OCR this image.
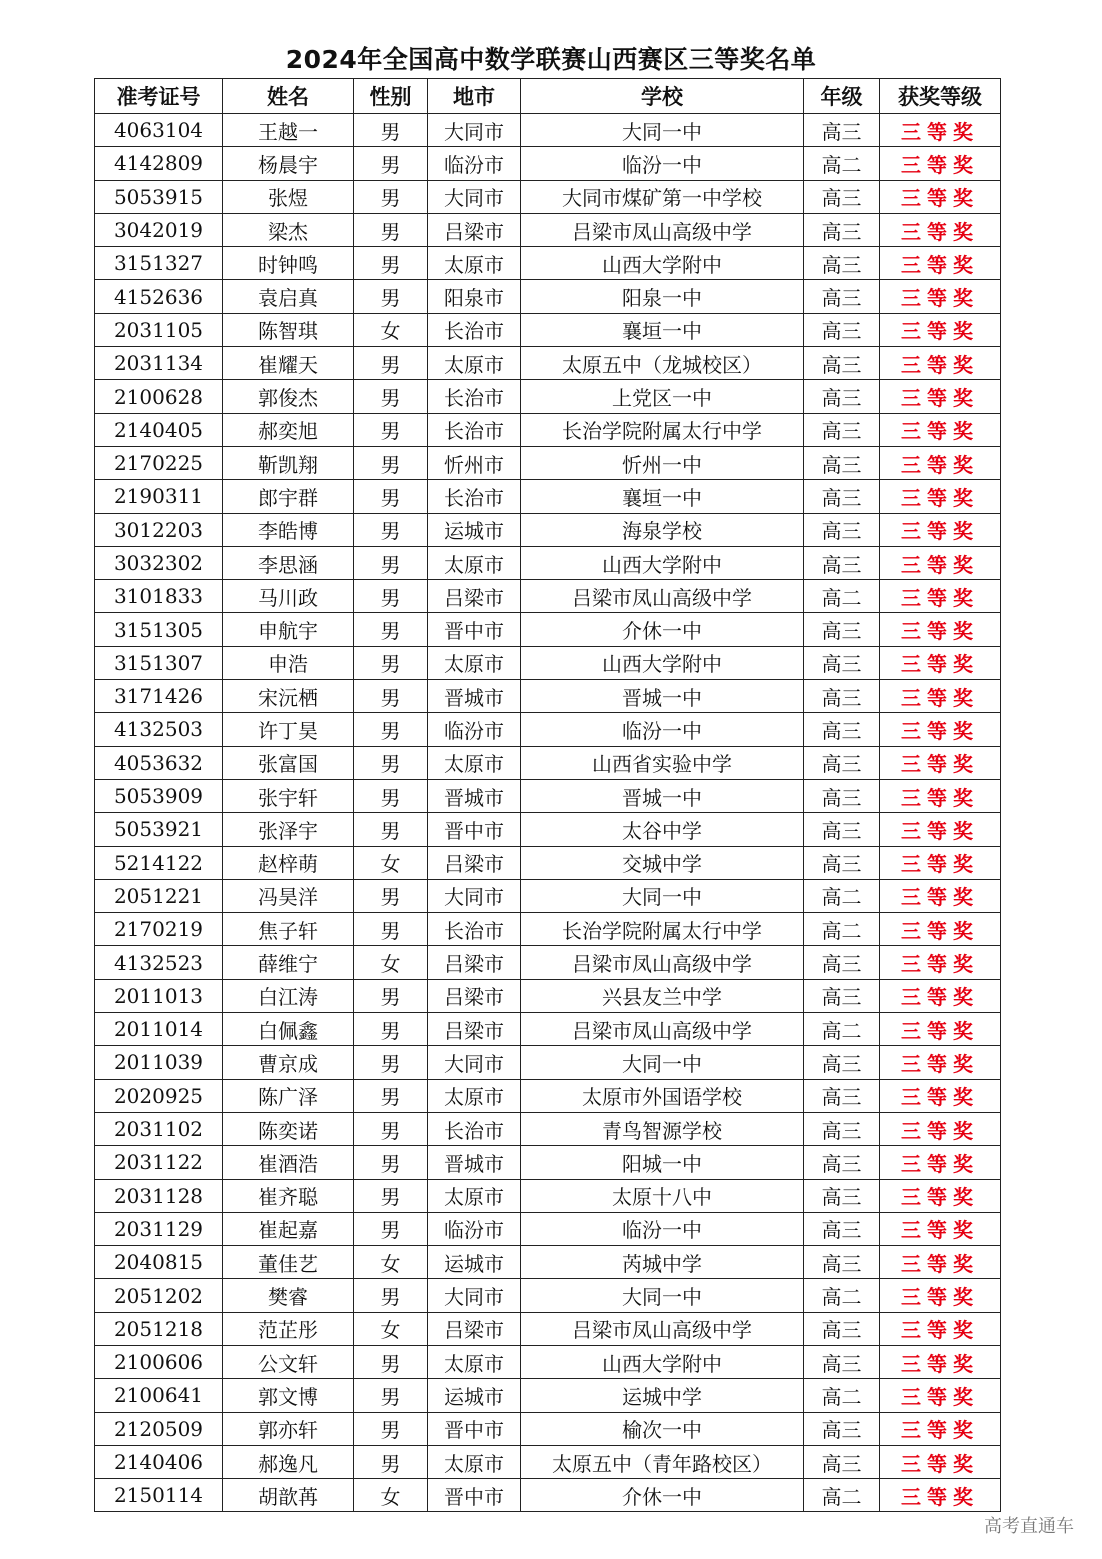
2024年全国高中数学联赛山西赛区三等奖名单
准考证号	姓名	性别	地市	学校	年级	获奖等级
4063104	王越一	男	大同市	大同一中	高三	三等奖
4142809	杨晨宇	男	临汾市	临汾一中	高二	三等奖
5053915	张煜	男	大同市	大同市煤矿第一中学校	高三	三等奖
3042019	梁杰	男	吕梁市	吕梁市凤山高级中学	高三	三等奖
3151327	时钟鸣	男	太原市	山西大学附中	高三	三等奖
4152636	袁启真	男	阳泉市	阳泉一中	高三	三等奖
2031105	陈智琪	女	长治市	襄垣一中	高三	三等奖
2031134	崔耀天	男	太原市	太原五中（龙城校区）	高三	三等奖
2100628	郭俊杰	男	长治市	上党区一中	高三	三等奖
2140405	郝奕旭	男	长治市	长治学院附属太行中学	高三	三等奖
2170225	靳凯翔	男	忻州市	忻州一中	高三	三等奖
2190311	郎宇群	男	长治市	襄垣一中	高三	三等奖
3012203	李皓博	男	运城市	海泉学校	高三	三等奖
3032302	李思涵	男	太原市	山西大学附中	高三	三等奖
3101833	马川政	男	吕梁市	吕梁市凤山高级中学	高二	三等奖
3151305	申航宇	男	晋中市	介休一中	高三	三等奖
3151307	申浩	男	太原市	山西大学附中	高三	三等奖
3171426	宋沅栖	男	晋城市	晋城一中	高三	三等奖
4132503	许丁昊	男	临汾市	临汾一中	高三	三等奖
4053632	张富国	男	太原市	山西省实验中学	高三	三等奖
5053909	张宇轩	男	晋城市	晋城一中	高三	三等奖
5053921	张泽宇	男	晋中市	太谷中学	高三	三等奖
5214122	赵梓萌	女	吕梁市	交城中学	高三	三等奖
2051221	冯昊洋	男	大同市	大同一中	高二	三等奖
2170219	焦子轩	男	长治市	长治学院附属太行中学	高二	三等奖
4132523	薛维宁	女	吕梁市	吕梁市凤山高级中学	高三	三等奖
2011013	白江涛	男	吕梁市	兴县友兰中学	高三	三等奖
2011014	白佩鑫	男	吕梁市	吕梁市凤山高级中学	高二	三等奖
2011039	曹京成	男	大同市	大同一中	高三	三等奖
2020925	陈广泽	男	太原市	太原市外国语学校	高三	三等奖
2031102	陈奕诺	男	长治市	青鸟智源学校	高三	三等奖
2031122	崔酒浩	男	晋城市	阳城一中	高三	三等奖
2031128	崔齐聪	男	太原市	太原十八中	高三	三等奖
2031129	崔起嘉	男	临汾市	临汾一中	高三	三等奖
2040815	董佳艺	女	运城市	芮城中学	高三	三等奖
2051202	樊睿	男	大同市	大同一中	高二	三等奖
2051218	范芷彤	女	吕梁市	吕梁市凤山高级中学	高三	三等奖
2100606	公文轩	男	太原市	山西大学附中	高三	三等奖
2100641	郭文博	男	运城市	运城中学	高二	三等奖
2120509	郭亦轩	男	晋中市	榆次一中	高三	三等奖
2140406	郝逸凡	男	太原市	太原五中（青年路校区）	高三	三等奖
2150114	胡歆苒	女	晋中市	介休一中	高二	三等奖
高考直通车
